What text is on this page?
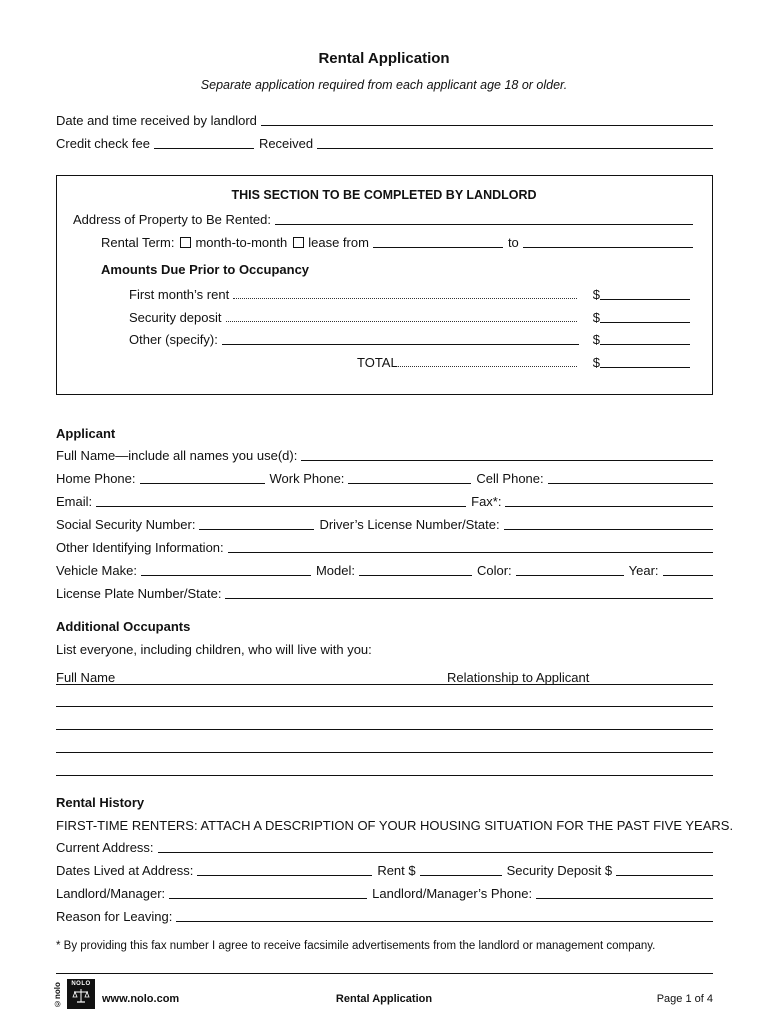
Rental Application
Separate application required from each applicant age 18 or older.
Date and time received by landlord
Credit check fee	Received
THIS SECTION TO BE COMPLETED BY LANDLORD
Address of Property to Be Rented:
Rental Term: month-to-month lease from	to
Amounts Due Prior to Occupancy
First month’s rent	$
Security deposit	$
Other (specify):	$
TOTAL	$
Applicant
Full Name—include all names you use(d):
Home Phone:	Work Phone:	Cell Phone:
Email:	Fax*:
Social Security Number:	Driver’s License Number/State:
Other Identifying Information:
Vehicle Make:	Model:	Color:	Year:
License Plate Number/State:
Additional Occupants
List everyone, including children, who will live with you:
Full Name	Relationship to Applicant
Rental History
FIRST-TIME RENTERS: ATTACH A DESCRIPTION OF YOUR HOUSING SITUATION FOR THE PAST FIVE YEARS.
Current Address:
Dates Lived at Address:	Rent $	Security Deposit $
Landlord/Manager:	Landlord/Manager’s Phone:
Reason for Leaving:
* By providing this fax number I agree to receive facsimile advertisements from the landlord or management company.
©nolo	NOLO
www.nolo.com	Rental Application	Page 1 of 4
